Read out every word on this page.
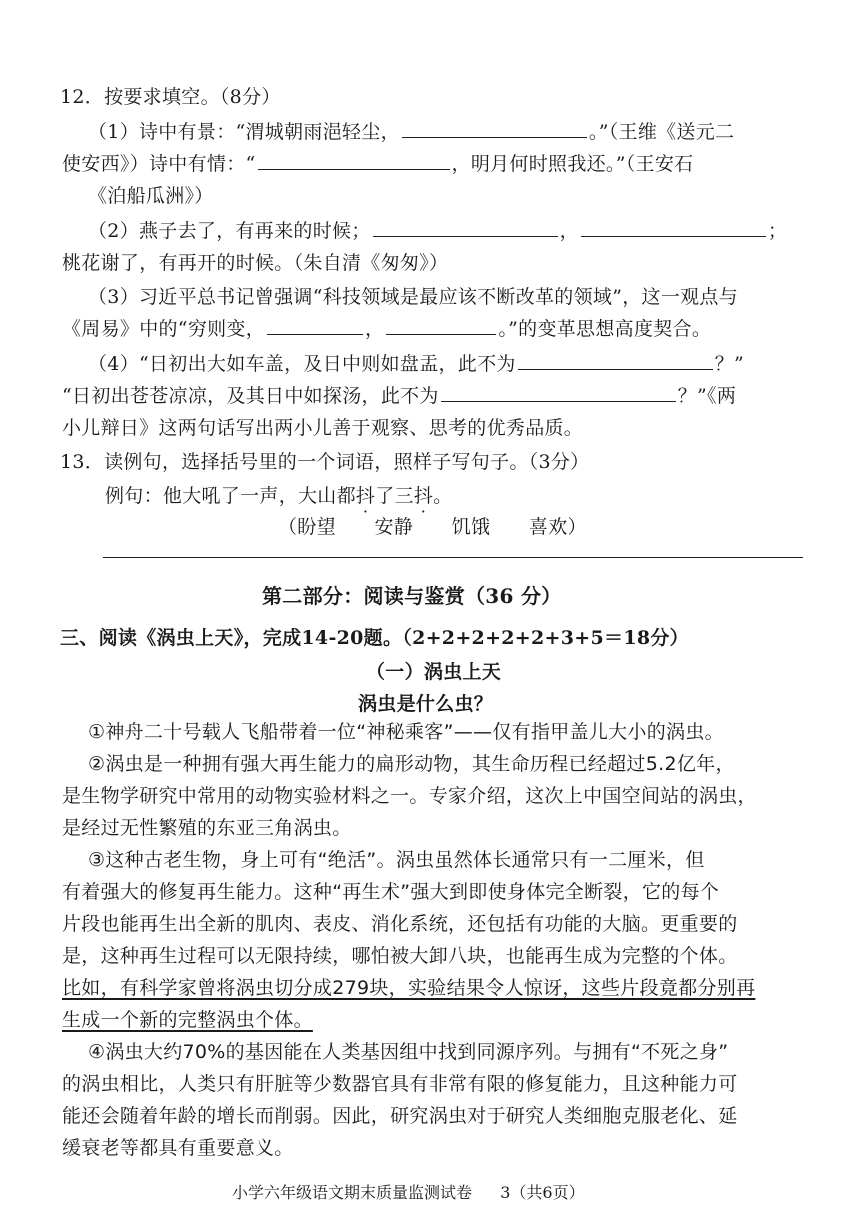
12．按要求填空。（8分）
（1）诗中有景：“渭城朝雨浥轻尘，	。”（王维《送元二
使安西》）诗中有情：“	，明月何时照我还。”（王安石
《泊船瓜洲》）
（2）燕子去了，有再来的时候；	，	；
桃花谢了，有再开的时候。（朱自清《匆匆》）
（3）习近平总书记曾强调“科技领域是最应该不断改革的领域”，这一观点与
《周易》中的“穷则变，	，	。”的变革思想高度契合。
（4）“日初出大如车盖，及日中则如盘盂，此不为	？”
“日初出苍苍凉凉，及其日中如探汤，此不为	？”《两
小儿辩日》这两句话写出两小儿善于观察、思考的优秀品质。
13．读例句，选择括号里的一个词语，照样子写句子。（3分）
例句：他大吼了一声，大山都抖了三抖。
（盼望　　安静　　饥饿　　喜欢）
第二部分：阅读与鉴赏（36 分）
三、阅读《涡虫上天》，完成14-20题。（2+2+2+2+2+3+5＝18分）
（一）涡虫上天
涡虫是什么虫？
①神舟二十号载人飞船带着一位“神秘乘客”——仅有指甲盖儿大小的涡虫。
②涡虫是一种拥有强大再生能力的扁形动物，其生命历程已经超过5.2亿年，
是生物学研究中常用的动物实验材料之一。专家介绍，这次上中国空间站的涡虫，
是经过无性繁殖的东亚三角涡虫。
③这种古老生物，身上可有“绝活”。涡虫虽然体长通常只有一二厘米，但
有着强大的修复再生能力。这种“再生术”强大到即使身体完全断裂，它的每个
片段也能再生出全新的肌肉、表皮、消化系统，还包括有功能的大脑。更重要的
是，这种再生过程可以无限持续，哪怕被大卸八块，也能再生成为完整的个体。
比如，有科学家曾将涡虫切分成279块，实验结果令人惊讶，这些片段竟都分别再
生成一个新的完整涡虫个体。
④涡虫大约70%的基因能在人类基因组中找到同源序列。与拥有“不死之身”
的涡虫相比，人类只有肝脏等少数器官具有非常有限的修复能力，且这种能力可
能还会随着年龄的增长而削弱。因此，研究涡虫对于研究人类细胞克服老化、延
缓衰老等都具有重要意义。
小学六年级语文期末质量监测试卷 3（共6页）
